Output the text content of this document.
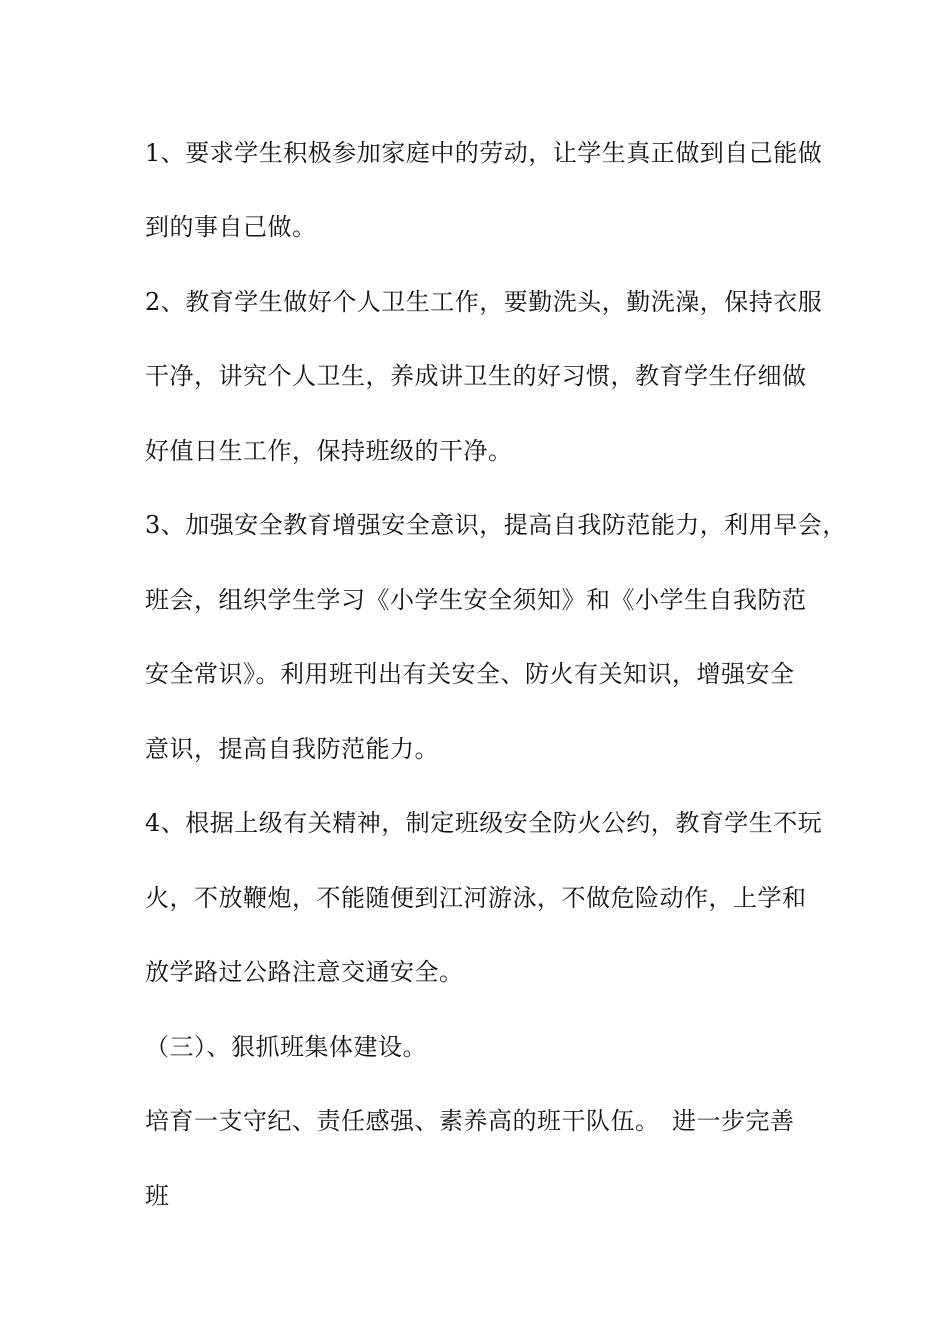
1、要求学生积极参加家庭中的劳动，让学生真正做到自己能做
到的事自己做。
2、教育学生做好个人卫生工作，要勤洗头，勤洗澡，保持衣服
干净，讲究个人卫生，养成讲卫生的好习惯，教育学生仔细做
好值日生工作，保持班级的干净。
3、加强安全教育增强安全意识，提高自我防范能力，利用早会，
班会，组织学生学习《小学生安全须知》和《小学生自我防范
安全常识》。利用班刊出有关安全、防火有关知识，增强安全
意识，提高自我防范能力。
4、根据上级有关精神，制定班级安全防火公约，教育学生不玩
火，不放鞭炮，不能随便到江河游泳，不做危险动作，上学和
放学路过公路注意交通安全。
（三）、狠抓班集体建设。
培育一支守纪、责任感强、素养高的班干队伍。　进一步完善
班
